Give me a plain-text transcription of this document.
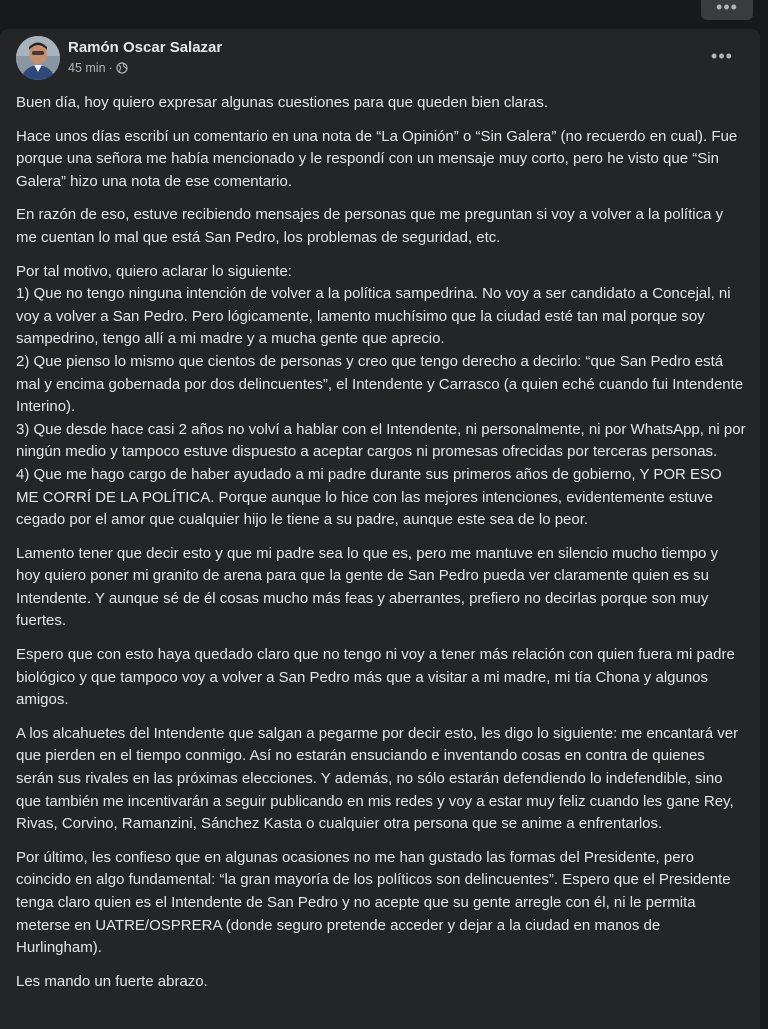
•••
Ramón Oscar Salazar
45 min ·
•••

Buen día, hoy quiero expresar algunas cuestiones para que queden bien claras.

Hace unos días escribí un comentario en una nota de “La Opinión” o “Sin Galera” (no recuerdo en cual). Fue porque una señora me había mencionado y le respondí con un mensaje muy corto, pero he visto que “Sin Galera” hizo una nota de ese comentario.

En razón de eso, estuve recibiendo mensajes de personas que me preguntan si voy a volver a la política y me cuentan lo mal que está San Pedro, los problemas de seguridad, etc.

Por tal motivo, quiero aclarar lo siguiente:
1) Que no tengo ninguna intención de volver a la política sampedrina. No voy a ser candidato a Concejal, ni voy a volver a San Pedro. Pero lógicamente, lamento muchísimo que la ciudad esté tan mal porque soy sampedrino, tengo allí a mi madre y a mucha gente que aprecio.
2) Que pienso lo mismo que cientos de personas y creo que tengo derecho a decirlo: “que San Pedro está mal y encima gobernada por dos delincuentes”, el Intendente y Carrasco (a quien eché cuando fui Intendente Interino).
3) Que desde hace casi 2 años no volví a hablar con el Intendente, ni personalmente, ni por WhatsApp, ni por ningún medio y tampoco estuve dispuesto a aceptar cargos ni promesas ofrecidas por terceras personas.
4) Que me hago cargo de haber ayudado a mi padre durante sus primeros años de gobierno, Y POR ESO ME CORRÍ DE LA POLÍTICA. Porque aunque lo hice con las mejores intenciones, evidentemente estuve cegado por el amor que cualquier hijo le tiene a su padre, aunque este sea de lo peor.

Lamento tener que decir esto y que mi padre sea lo que es, pero me mantuve en silencio mucho tiempo y hoy quiero poner mi granito de arena para que la gente de San Pedro pueda ver claramente quien es su Intendente. Y aunque sé de él cosas mucho más feas y aberrantes, prefiero no decirlas porque son muy fuertes.

Espero que con esto haya quedado claro que no tengo ni voy a tener más relación con quien fuera mi padre biológico y que tampoco voy a volver a San Pedro más que a visitar a mi madre, mi tía Chona y algunos amigos.

A los alcahuetes del Intendente que salgan a pegarme por decir esto, les digo lo siguiente: me encantará ver que pierden en el tiempo conmigo. Así no estarán ensuciando e inventando cosas en contra de quienes serán sus rivales en las próximas elecciones. Y además, no sólo estarán defendiendo lo indefendible, sino que también me incentivarán a seguir publicando en mis redes y voy a estar muy feliz cuando les gane Rey, Rivas, Corvino, Ramanzini, Sánchez Kasta o cualquier otra persona que se anime a enfrentarlos.

Por último, les confieso que en algunas ocasiones no me han gustado las formas del Presidente, pero coincido en algo fundamental: “la gran mayoría de los políticos son delincuentes”. Espero que el Presidente tenga claro quien es el Intendente de San Pedro y no acepte que su gente arregle con él, ni le permita meterse en UATRE/OSPRERA (donde seguro pretende acceder y dejar a la ciudad en manos de Hurlingham).

Les mando un fuerte abrazo.
